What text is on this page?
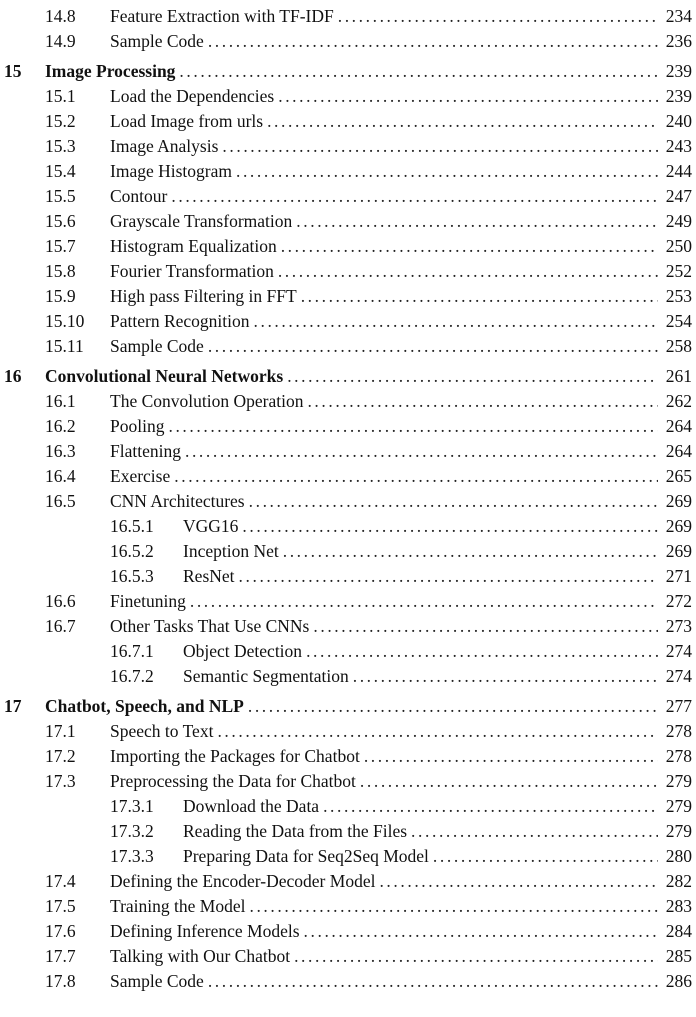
14.8 Feature Extraction with TF-IDF .....	234
14.9 Sample Code .....	236
15 Image Processing .....	239
15.1 Load the Dependencies .....	239
15.2 Load Image from urls .....	240
15.3 Image Analysis .....	243
15.4 Image Histogram .....	244
15.5 Contour .....	247
15.6 Grayscale Transformation .....	249
15.7 Histogram Equalization .....	250
15.8 Fourier Transformation .....	252
15.9 High pass Filtering in FFT .....	253
15.10 Pattern Recognition .....	254
15.11 Sample Code .....	258
16 Convolutional Neural Networks .....	261
16.1 The Convolution Operation .....	262
16.2 Pooling .....	264
16.3 Flattening .....	264
16.4 Exercise .....	265
16.5 CNN Architectures .....	269
16.5.1 VGG16 .....	269
16.5.2 Inception Net .....	269
16.5.3 ResNet .....	271
16.6 Finetuning .....	272
16.7 Other Tasks That Use CNNs .....	273
16.7.1 Object Detection .....	274
16.7.2 Semantic Segmentation .....	274
17 Chatbot, Speech, and NLP .....	277
17.1 Speech to Text .....	278
17.2 Importing the Packages for Chatbot .....	278
17.3 Preprocessing the Data for Chatbot .....	279
17.3.1 Download the Data .....	279
17.3.2 Reading the Data from the Files .....	279
17.3.3 Preparing Data for Seq2Seq Model .....	280
17.4 Defining the Encoder-Decoder Model .....	282
17.5 Training the Model .....	283
17.6 Defining Inference Models .....	284
17.7 Talking with Our Chatbot .....	285
17.8 Sample Code .....	286
